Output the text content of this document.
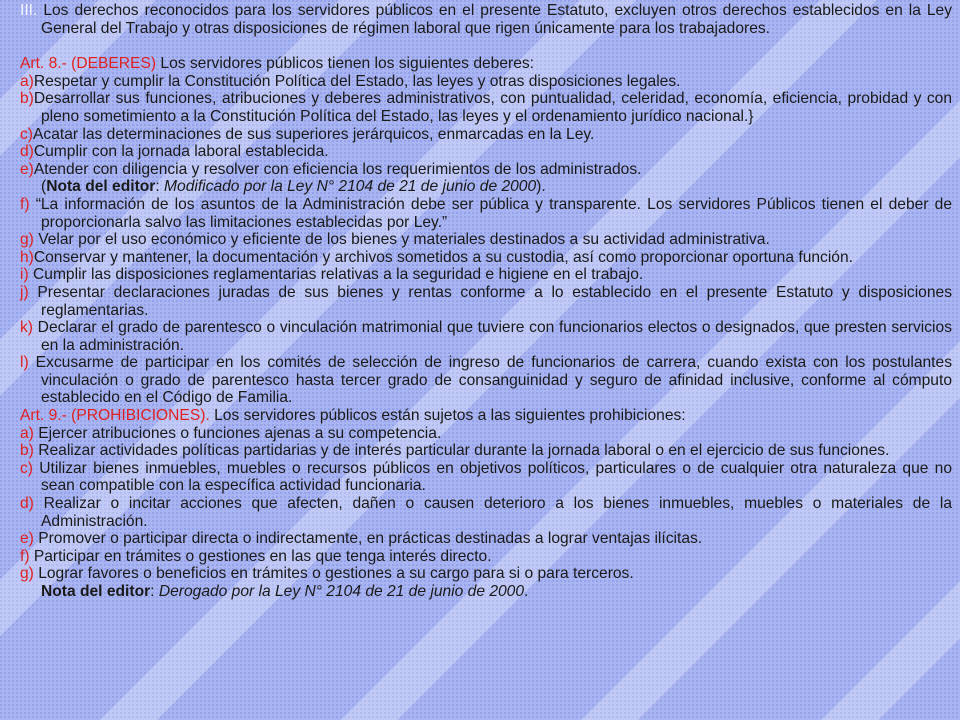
III. Los derechos reconocidos para los servidores públicos en el presente Estatuto, excluyen otros derechos establecidos en la Ley General del Trabajo y otras disposiciones de régimen laboral que rigen únicamente para los trabajadores.

Art. 8.- (DEBERES) Los servidores públicos tienen los siguientes deberes:

a)Respetar y cumplir la Constitución Política del Estado, las leyes y otras disposiciones legales.

b)Desarrollar sus funciones, atribuciones y deberes administrativos, con puntualidad, celeridad, economía, eficiencia, probidad y con pleno sometimiento a la Constitución Política del Estado, las leyes y el ordenamiento jurídico nacional.}

c)Acatar las determinaciones de sus superiores jerárquicos, enmarcadas en la Ley.

d)Cumplir con la jornada laboral establecida.

e)Atender con diligencia y resolver con eficiencia los requerimientos de los administrados.

(Nota del editor: Modificado por la Ley N° 2104 de 21 de junio de 2000).

f) “La información de los asuntos de la Administración debe ser pública y transparente. Los servidores Públicos tienen el deber de proporcionarla salvo las limitaciones establecidas por Ley.”

g) Velar por el uso económico y eficiente de los bienes y materiales destinados a su actividad administrativa.

h)Conservar y mantener, la documentación y archivos sometidos a su custodia, así como proporcionar oportuna función.

i) Cumplir las disposiciones reglamentarias relativas a la seguridad e higiene en el trabajo.

j) Presentar declaraciones juradas de sus bienes y rentas conforme a lo establecido en el presente Estatuto y disposiciones reglamentarias.

k) Declarar el grado de parentesco o vinculación matrimonial que tuviere con funcionarios electos o designados, que presten servicios en la administración.

l) Excusarme de participar en los comités de selección de ingreso de funcionarios de carrera, cuando exista con los postulantes vinculación o grado de parentesco hasta tercer grado de consanguinidad y seguro de afinidad inclusive, conforme al cómputo establecido en el Código de Familia.

Art. 9.- (PROHIBICIONES). Los servidores públicos están sujetos a las siguientes prohibiciones:

a) Ejercer atribuciones o funciones ajenas a su competencia.

b) Realizar actividades políticas partidarias y de interés particular durante la jornada laboral o en el ejercicio de sus funciones.

c) Utilizar bienes inmuebles, muebles o recursos públicos en objetivos políticos, particulares o de cualquier otra naturaleza que no sean compatible con la específica actividad funcionaria.

d) Realizar o incitar acciones que afecten, dañen o causen deterioro a los bienes inmuebles, muebles o materiales de la Administración.

e) Promover o participar directa o indirectamente, en prácticas destinadas a lograr ventajas ilícitas.

f) Participar en trámites o gestiones en las que tenga interés directo.

g) Lograr favores o beneficios en trámites o gestiones a su cargo para si o para terceros.

Nota del editor: Derogado por la Ley N° 2104 de 21 de junio de 2000.
